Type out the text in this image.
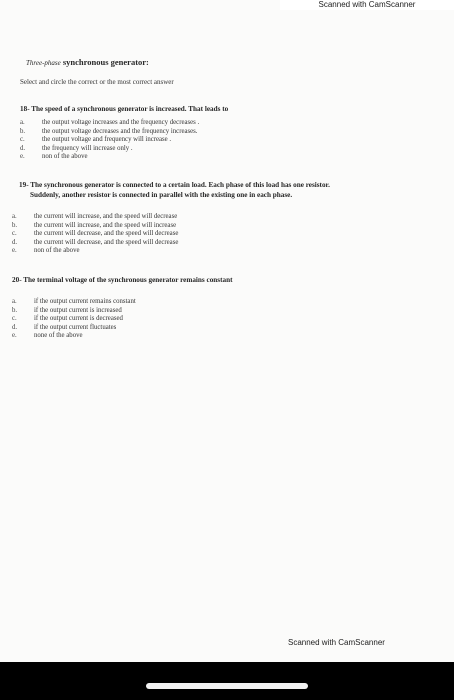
Scanned with CamScanner
Three-phase synchronous generator:
Select and circle the correct or the most correct answer
18- The speed of a synchronous generator is increased. That leads to
a.	the output voltage increases and the frequency decreases .
b.	the output voltage decreases and the frequency increases.
c.	the output voltage and frequency will increase .
d.	the frequency will increase only .
e.	non of the above
19- The synchronous generator is connected to a certain load. Each phase of this load has one resistor.
Suddenly, another resistor is connected in parallel with the existing one in each phase.
a.	the current will increase, and the speed will decrease
b.	the current will increase, and the speed will increase
c.	the current will decrease, and the speed will decrease
d.	the current will decrease, and the speed will decrease
e.	non of the above
20- The terminal voltage of the synchronous generator remains constant
a.	if the output current remains constant
b.	if the output current is increased
c.	if the output current is decreased
d.	if the output current fluctuates
e.	none of the above
Scanned with CamScanner
